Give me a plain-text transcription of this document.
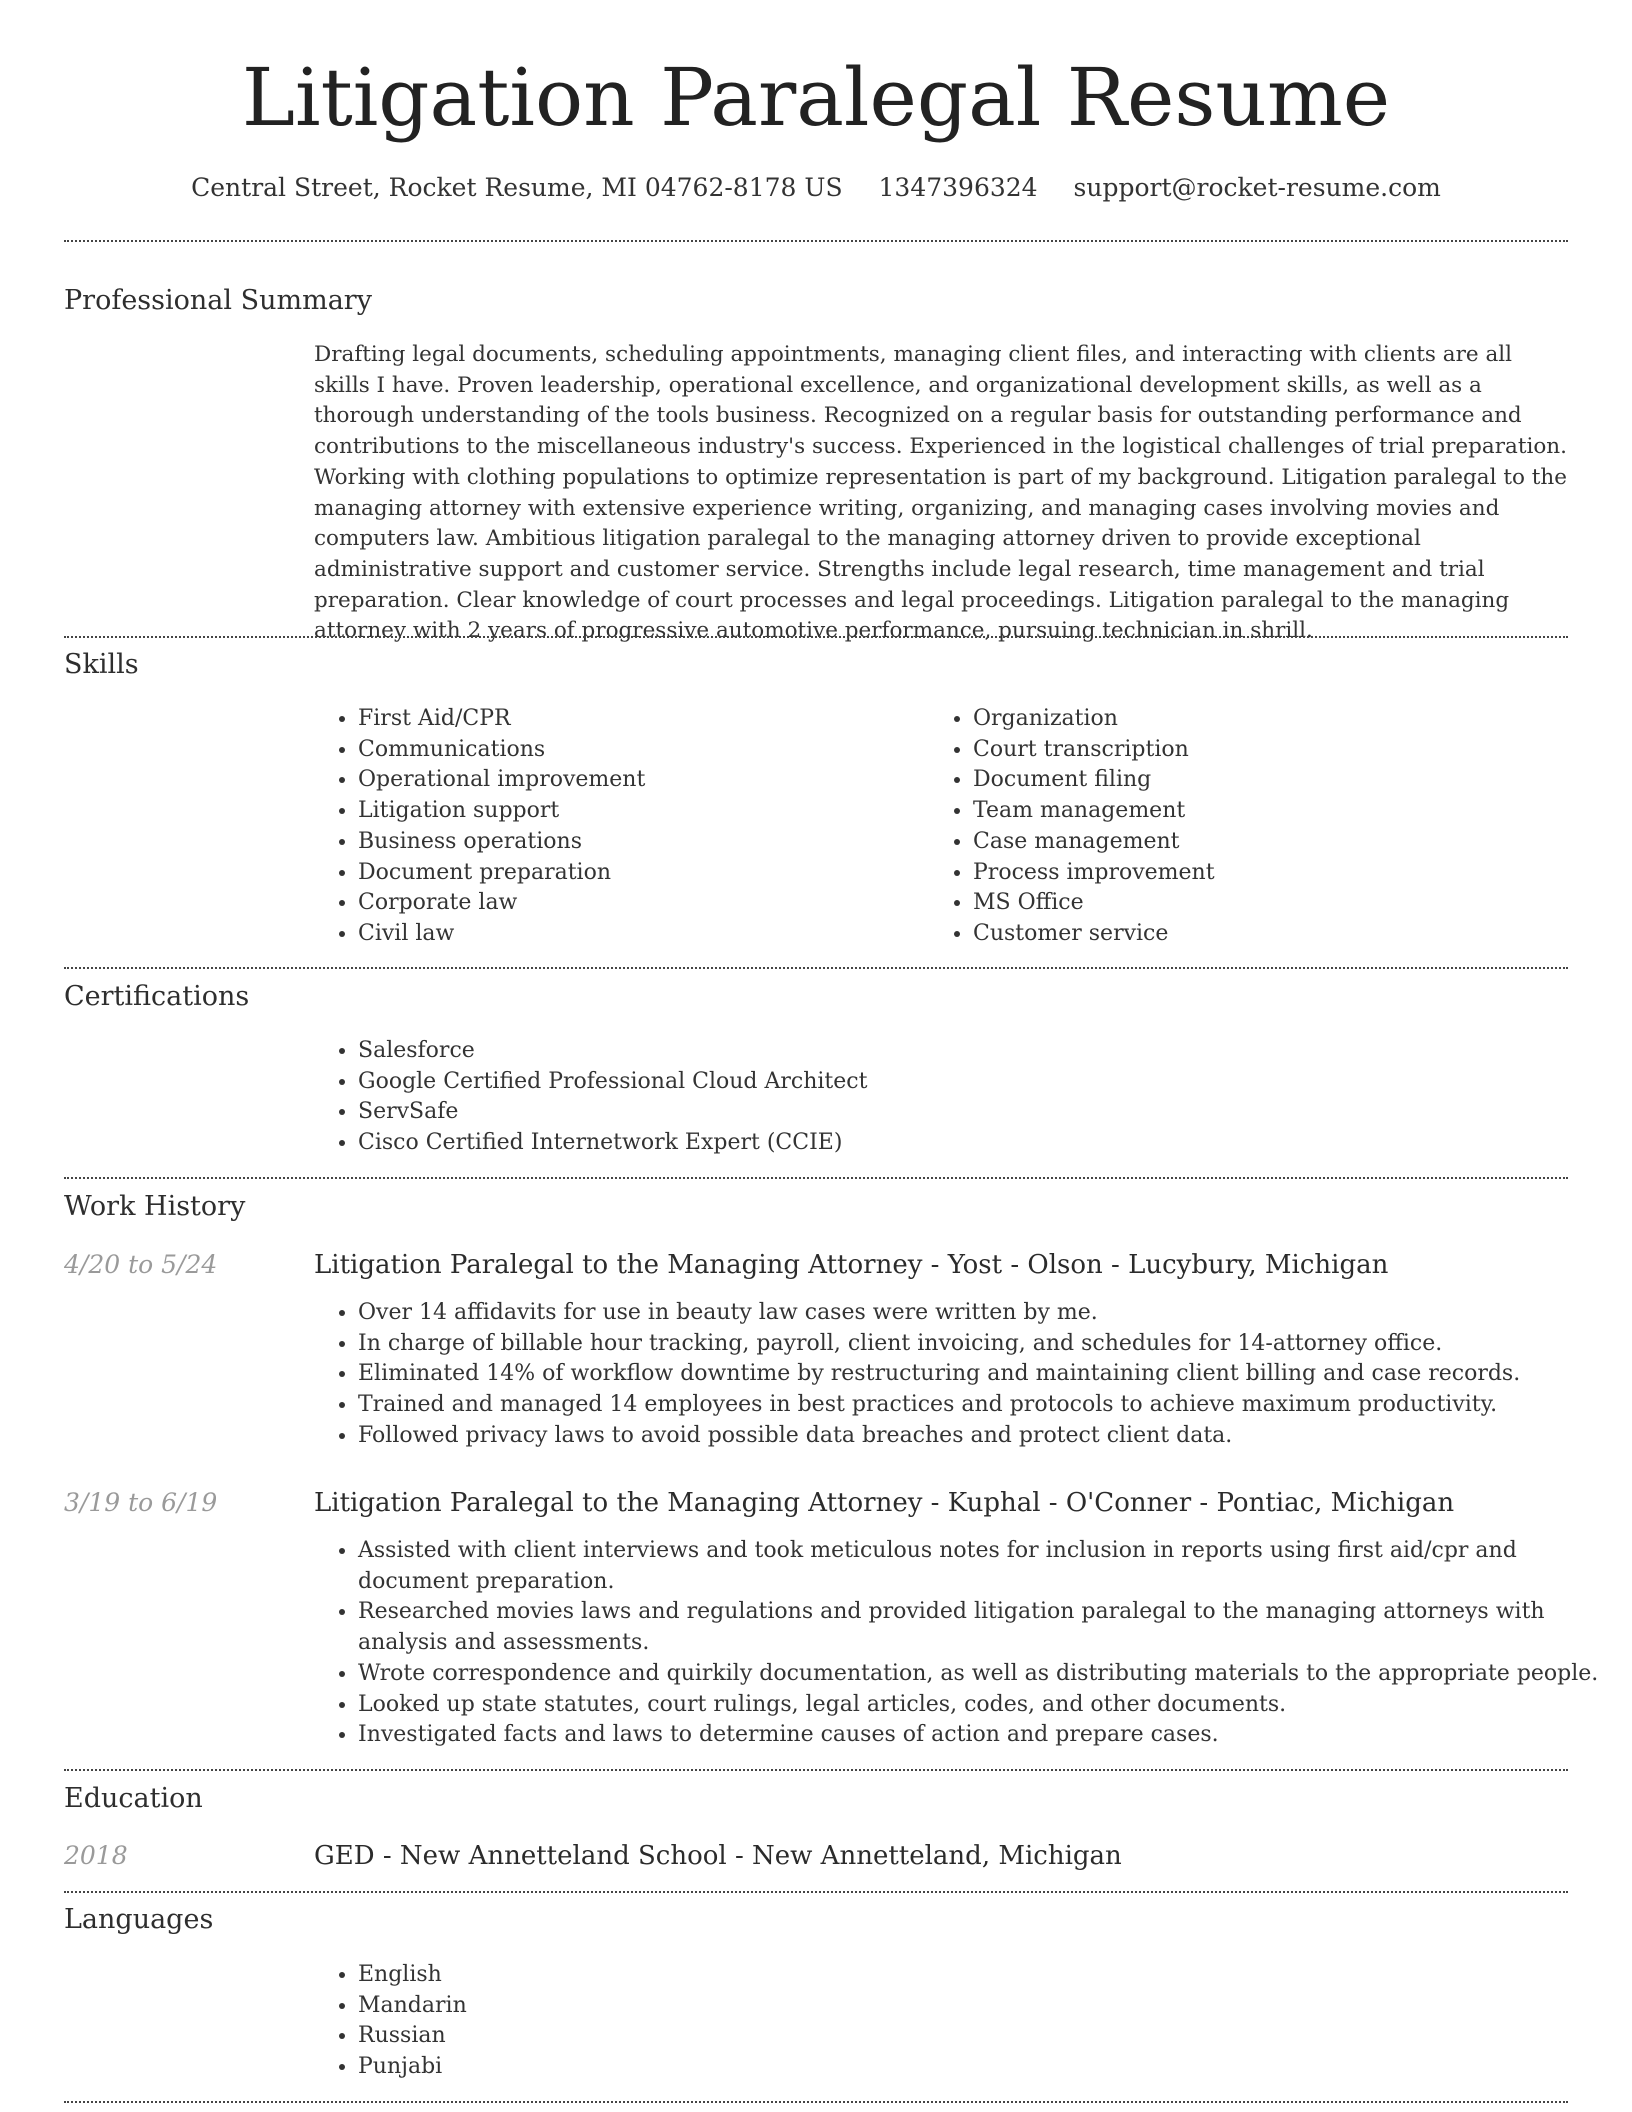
Litigation Paralegal Resume
Central Street, Rocket Resume, MI 04762-8178 US 1347396324 support@rocket-resume.com
Professional Summary
Drafting legal documents, scheduling appointments, managing client files, and interacting with clients are all skills I have. Proven leadership, operational excellence, and organizational development skills, as well as a thorough understanding of the tools business. Recognized on a regular basis for outstanding performance and contributions to the miscellaneous industry's success. Experienced in the logistical challenges of trial preparation. Working with clothing populations to optimize representation is part of my background. Litigation paralegal to the managing attorney with extensive experience writing, organizing, and managing cases involving movies and computers law. Ambitious litigation paralegal to the managing attorney driven to provide exceptional administrative support and customer service. Strengths include legal research, time management and trial preparation. Clear knowledge of court processes and legal proceedings. Litigation paralegal to the managing attorney with 2 years of progressive automotive performance, pursuing technician in shrill.
Skills
• First Aid/CPR
• Communications
• Operational improvement
• Litigation support
• Business operations
• Document preparation
• Corporate law
• Civil law
• Organization
• Court transcription
• Document filing
• Team management
• Case management
• Process improvement
• MS Office
• Customer service
Certifications
• Salesforce
• Google Certified Professional Cloud Architect
• ServSafe
• Cisco Certified Internetwork Expert (CCIE)
Work History
4/20 to 5/24	Litigation Paralegal to the Managing Attorney - Yost - Olson - Lucybury, Michigan
• Over 14 affidavits for use in beauty law cases were written by me.
• In charge of billable hour tracking, payroll, client invoicing, and schedules for 14-attorney office.
• Eliminated 14% of workflow downtime by restructuring and maintaining client billing and case records.
• Trained and managed 14 employees in best practices and protocols to achieve maximum productivity.
• Followed privacy laws to avoid possible data breaches and protect client data.
3/19 to 6/19	Litigation Paralegal to the Managing Attorney - Kuphal - O'Conner - Pontiac, Michigan
• Assisted with client interviews and took meticulous notes for inclusion in reports using first aid/cpr and document preparation.
• Researched movies laws and regulations and provided litigation paralegal to the managing attorneys with analysis and assessments.
• Wrote correspondence and quirkily documentation, as well as distributing materials to the appropriate people.
• Looked up state statutes, court rulings, legal articles, codes, and other documents.
• Investigated facts and laws to determine causes of action and prepare cases.
Education
2018	GED - New Annetteland School - New Annetteland, Michigan
Languages
• English
• Mandarin
• Russian
• Punjabi
